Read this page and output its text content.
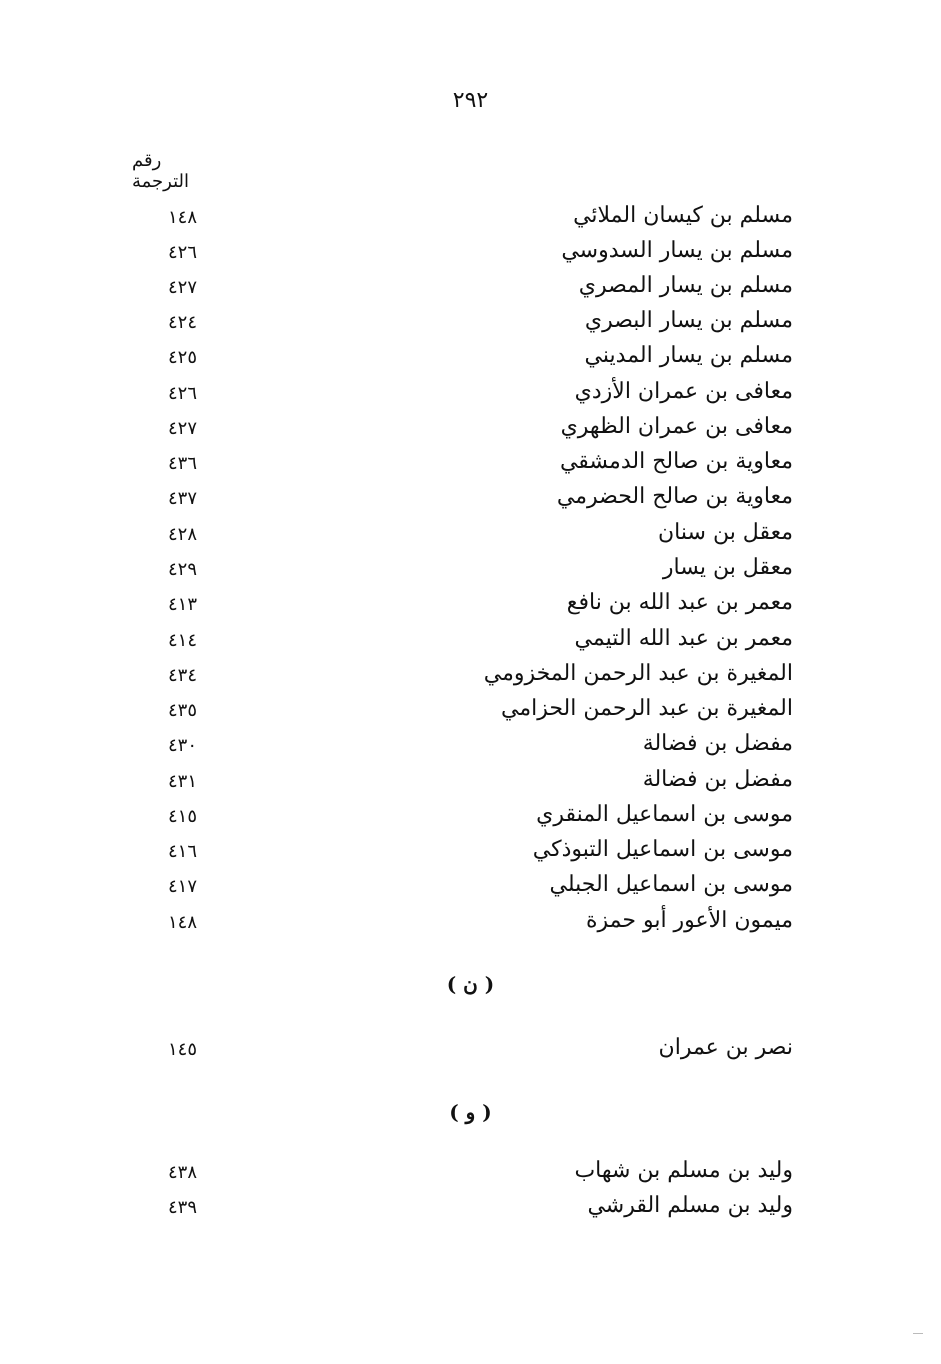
٢٩٢
رقم الترجمة
مسلم بن كيسان الملائي
١٤٨
مسلم بن يسار السدوسي
٤٢٦
مسلم بن يسار المصري
٤٢٧
مسلم بن يسار البصري
٤٢٤
مسلم بن يسار المديني
٤٢٥
معافى بن عمران الأزدي
٤٢٦
معافى بن عمران الظهري
٤٢٧
معاوية بن صالح الدمشقي
٤٣٦
معاوية بن صالح الحضرمي
٤٣٧
معقل بن سنان
٤٢٨
معقل بن يسار
٤٢٩
معمر بن عبد الله بن نافع
٤١٣
معمر بن عبد الله التيمي
٤١٤
المغيرة بن عبد الرحمن المخزومي
٤٣٤
المغيرة بن عبد الرحمن الحزامي
٤٣٥
مفضل بن فضالة
٤٣٠
مفضل بن فضالة
٤٣١
موسى بن اسماعيل المنقري
٤١٥
موسى بن اسماعيل التبوذكي
٤١٦
موسى بن اسماعيل الجبلي
٤١٧
ميمون الأعور أبو حمزة
١٤٨
( ن )
نصر بن عمران
١٤٥
( و )
وليد بن مسلم بن شهاب
٤٣٨
وليد بن مسلم القرشي
٤٣٩
